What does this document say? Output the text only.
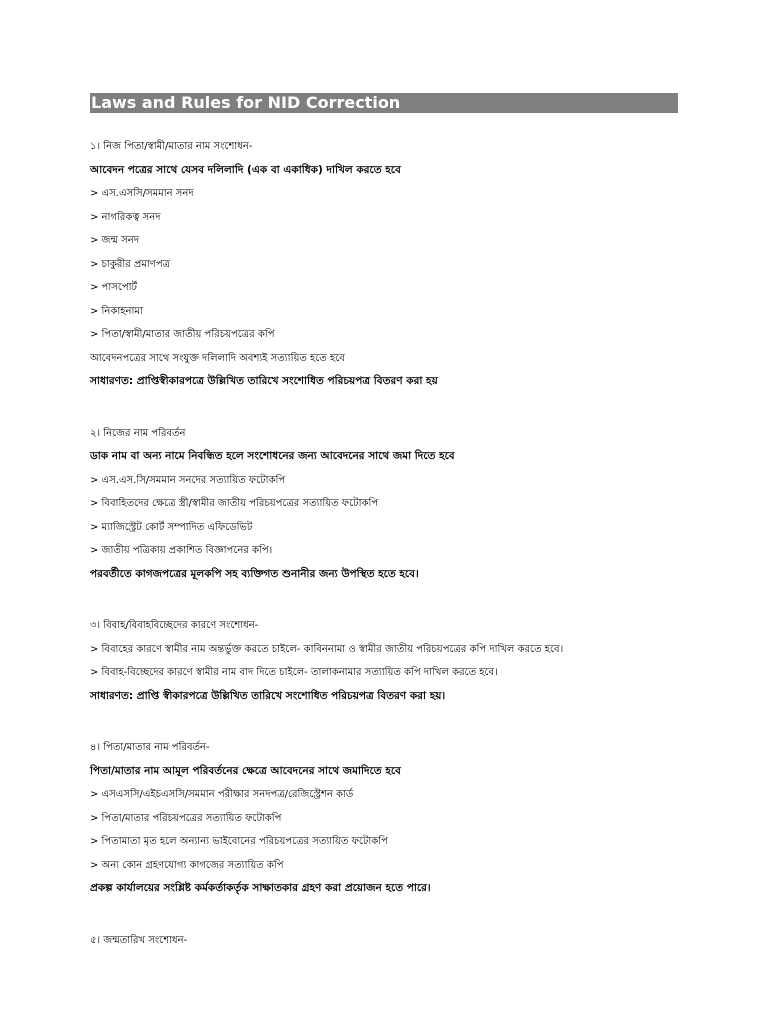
Laws and Rules for NID Correction
১। নিজ পিতা/স্বামী/মাতার নাম সংশোধন-
আবেদন পত্রের সাথে যেসব দলিলাদি (এক বা একাধিক) দাখিল করতে হবে
> এস.এসসি/সমমান সনদ
> নাগরিকত্ব সনদ
> জন্ম সনদ
> চাকুরীর প্রমাণপত্র
> পাসপোর্ট
> নিকাহনামা
> পিতা/স্বামী/মাতার জাতীয় পরিচয়পত্রের কপি
আবেদনপত্রের সাথে সংযুক্ত দলিলাদি অবশ্যই সত্যায়িত হতে হবে
সাধারণত: প্রাপ্তিস্বীকারপত্রে উল্লিখিত তারিখে সংশোধিত পরিচয়পত্র বিতরণ করা হয়
২। নিজের নাম পরিবর্তন
ডাক নাম বা অন্য নামে নিবন্ধিত হলে সংশোধনের জন্য আবেদনের সাথে জমা দিতে হবে
> এস.এস.সি/সমমান সনদের সত্যায়িত ফটোকপি
> বিবাহিতদের ক্ষেত্রে স্ত্রী/স্বামীর জাতীয় পরিচয়পত্রের সত্যায়িত ফটোকপি
> ম্যাজিস্ট্রেট কোর্ট সম্পাদিত এফিডেভিট
> জাতীয় পত্রিকায় প্রকাশিত বিজ্ঞাপনের কপি।
পরবর্তীতে কাগজপত্রের মূলকপি সহ ব্যক্তিগত শুনানীর জন্য উপস্থিত হতে হবে।
৩। বিবাহ/বিবাহবিচ্ছেদের কারণে সংশোধন-
> বিবাহের কারণে স্বামীর নাম অন্তর্ভুক্ত করতে চাইলে- কাবিননামা ও স্বামীর জাতীয় পরিচয়পত্রের কপি দাখিল করতে হবে।
> বিবাহ-বিচ্ছেদের কারণে স্বামীর নাম বাদ দিতে চাইলে- তালাকনামার সত্যায়িত কপি দাখিল করতে হবে।
সাধারণত: প্রাপ্তি স্বীকারপত্রে উল্লিখিত তারিখে সংশোধিত পরিচয়পত্র বিতরণ করা হয়।
৪। পিতা/মাতার নাম পরিবর্তন-
পিতা/মাতার নাম আমূল পরিবর্তনের ক্ষেত্রে আবেদনের সাথে জমাদিতে হবে
> এসএসসি/এইচএসসি/সমমান পরীক্ষার সনদপত্র/রেজিস্ট্রেশন কার্ড
> পিতা/মাতার পরিচয়পত্রের সত্যায়িত ফটোকপি
> পিতামাতা মৃত হলে অন্যান্য ভাইবোনের পরিচয়পত্রের সত্যায়িত ফটোকপি
> অন্য কোন গ্রহণযোগ্য কাগজের সত্যায়িত কপি
প্রকল্প কার্যালয়ের সংশ্লিষ্ট কর্মকর্তাকর্তৃক সাক্ষাতকার গ্রহণ করা প্রয়োজন হতে পারে।
৫। জন্মতারিখ সংশোধন-
